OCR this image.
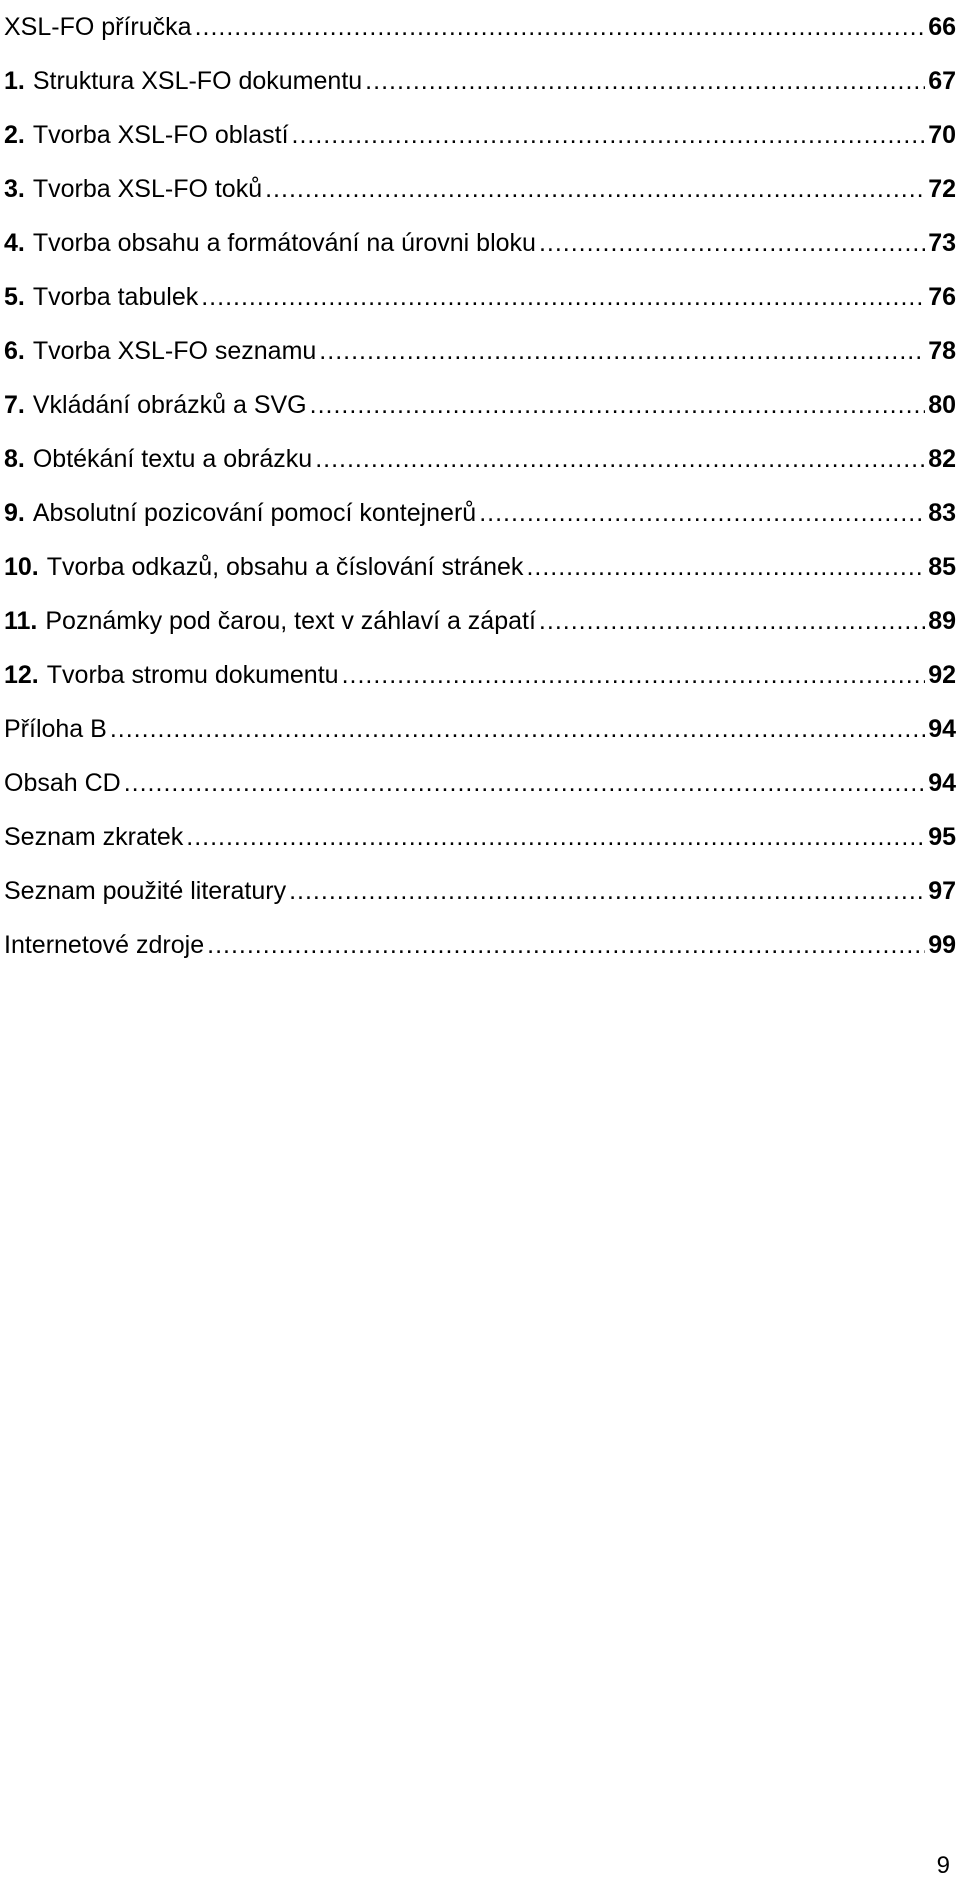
XSL-FO příručka .....	66
1. Struktura XSL-FO dokumentu .....	67
2. Tvorba XSL-FO oblastí .....	70
3. Tvorba XSL-FO toků .....	72
4. Tvorba obsahu a formátování na úrovni bloku .....	73
5. Tvorba tabulek .....	76
6. Tvorba XSL-FO seznamu .....	78
7. Vkládání obrázků a SVG .....	80
8. Obtékání textu a obrázku .....	82
9. Absolutní pozicování pomocí kontejnerů .....	83
10. Tvorba odkazů, obsahu a číslování stránek .....	85
11. Poznámky pod čarou, text v záhlaví a zápatí .....	89
12. Tvorba stromu dokumentu .....	92
Příloha B .....	94
Obsah CD .....	94
Seznam zkratek .....	95
Seznam použité literatury .....	97
Internetové zdroje .....	99
9
